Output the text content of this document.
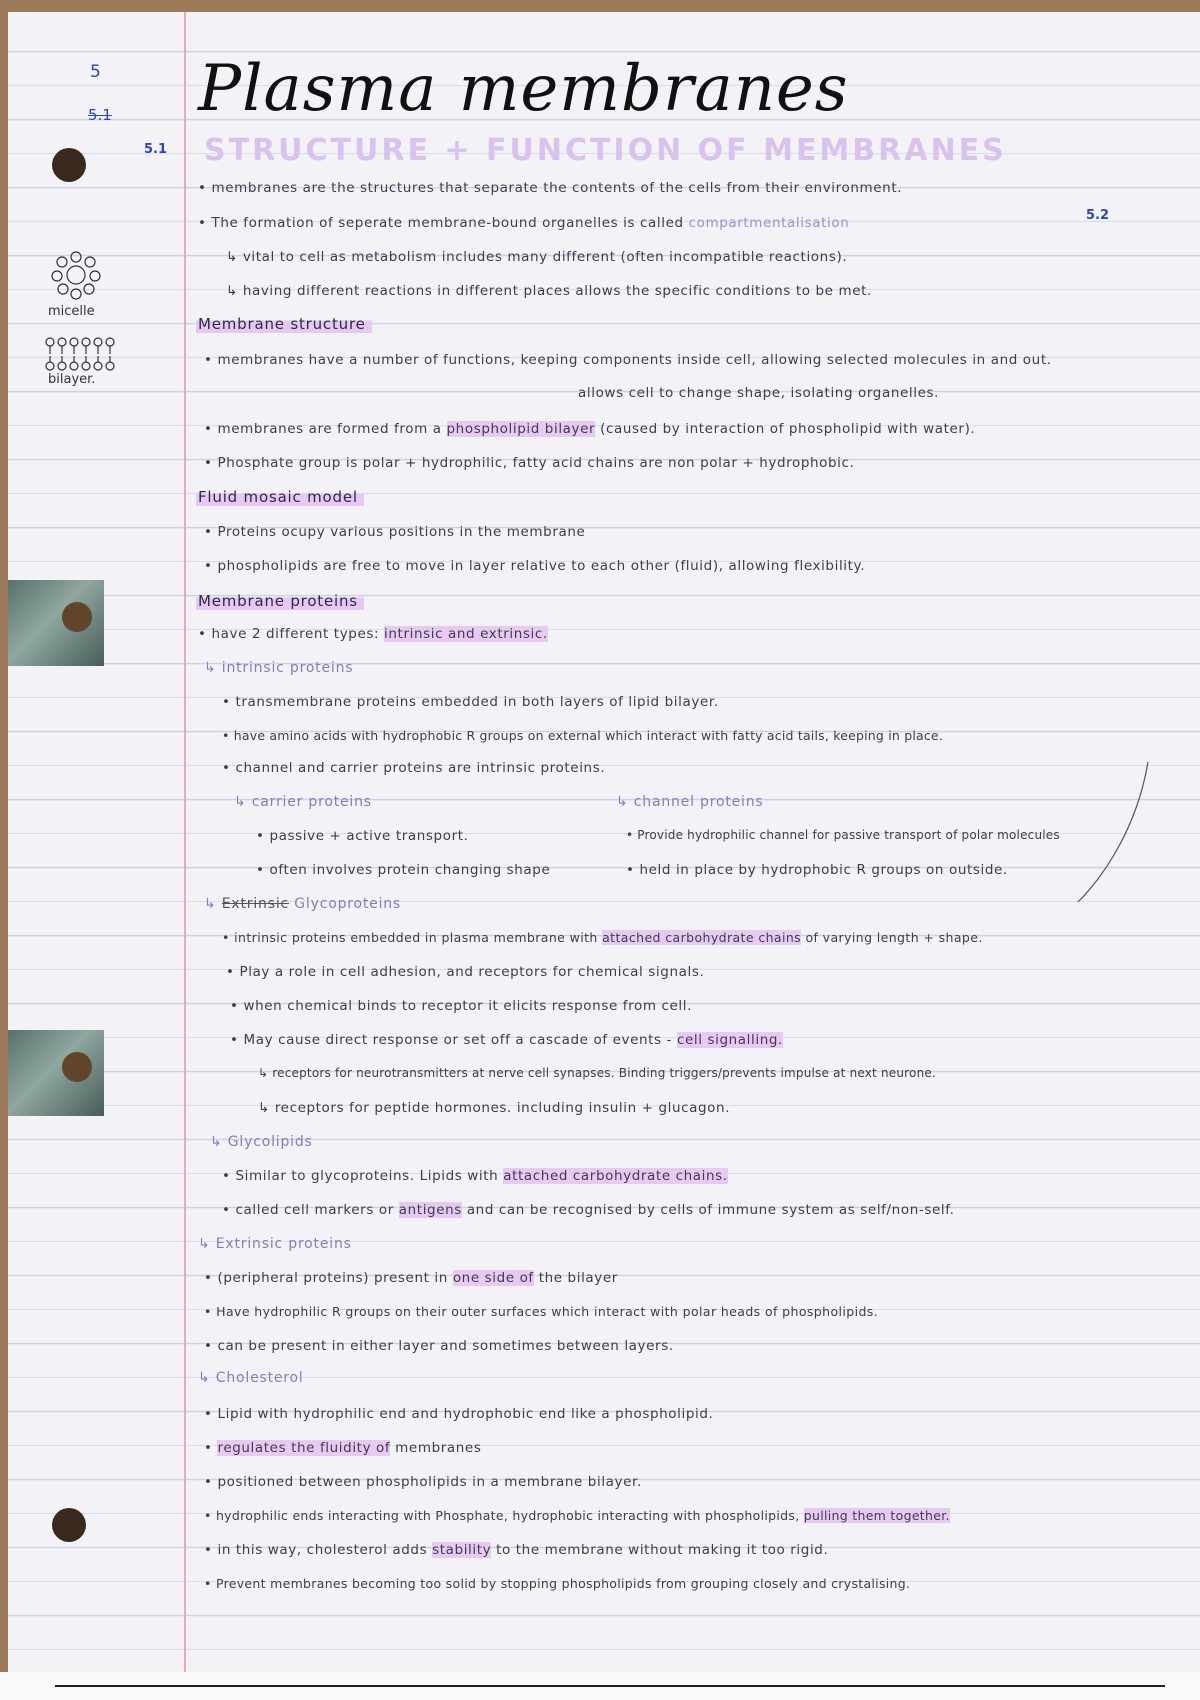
5
5.1
5.1
micelle
bilayer.
Plasma membranes
STRUCTURE + FUNCTION OF MEMBRANES
• membranes are the structures that separate the contents of the cells from their environment.
• The formation of seperate membrane-bound organelles is called compartmentalisation	5.2
↳ vital to cell as metabolism includes many different (often incompatible reactions).
↳ having different reactions in different places allows the specific conditions to be met.
Membrane structure
• membranes have a number of functions, keeping components inside cell, allowing selected molecules in and out.
allows cell to change shape, isolating organelles.
• membranes are formed from a phospholipid bilayer (caused by interaction of phospholipid with water).
• Phosphate group is polar + hydrophilic, fatty acid chains are non polar + hydrophobic.
Fluid mosaic model
• Proteins ocupy various positions in the membrane
• phospholipids are free to move in layer relative to each other (fluid), allowing flexibility.
Membrane proteins
• have 2 different types: intrinsic and extrinsic.
↳ intrinsic proteins
• transmembrane proteins embedded in both layers of lipid bilayer.
• have amino acids with hydrophobic R groups on external which interact with fatty acid tails, keeping in place.
• channel and carrier proteins are intrinsic proteins.
↳ carrier proteins	↳ channel proteins
• passive + active transport.
• often involves protein changing shape
• Provide hydrophilic channel for passive transport of polar molecules
• held in place by hydrophobic R groups on outside.
↳ Extrinsic Glycoproteins
• intrinsic proteins embedded in plasma membrane with attached carbohydrate chains of varying length + shape.
• Play a role in cell adhesion, and receptors for chemical signals.
• when chemical binds to receptor it elicits response from cell.
• May cause direct response or set off a cascade of events - cell signalling.
↳ receptors for neurotransmitters at nerve cell synapses. Binding triggers/prevents impulse at next neurone.
↳ receptors for peptide hormones. including insulin + glucagon.
↳ Glycolipids
• Similar to glycoproteins. Lipids with attached carbohydrate chains.
• called cell markers or antigens and can be recognised by cells of immune system as self/non-self.
↳ Extrinsic proteins
• (peripheral proteins) present in one side of the bilayer
• Have hydrophilic R groups on their outer surfaces which interact with polar heads of phospholipids.
• can be present in either layer and sometimes between layers.
↳ Cholesterol
• Lipid with hydrophilic end and hydrophobic end like a phospholipid.
• regulates the fluidity of membranes
• positioned between phospholipids in a membrane bilayer.
• hydrophilic ends interacting with Phosphate, hydrophobic interacting with phospholipids, pulling them together.
• in this way, cholesterol adds stability to the membrane without making it too rigid.
• Prevent membranes becoming too solid by stopping phospholipids from grouping closely and crystalising.
